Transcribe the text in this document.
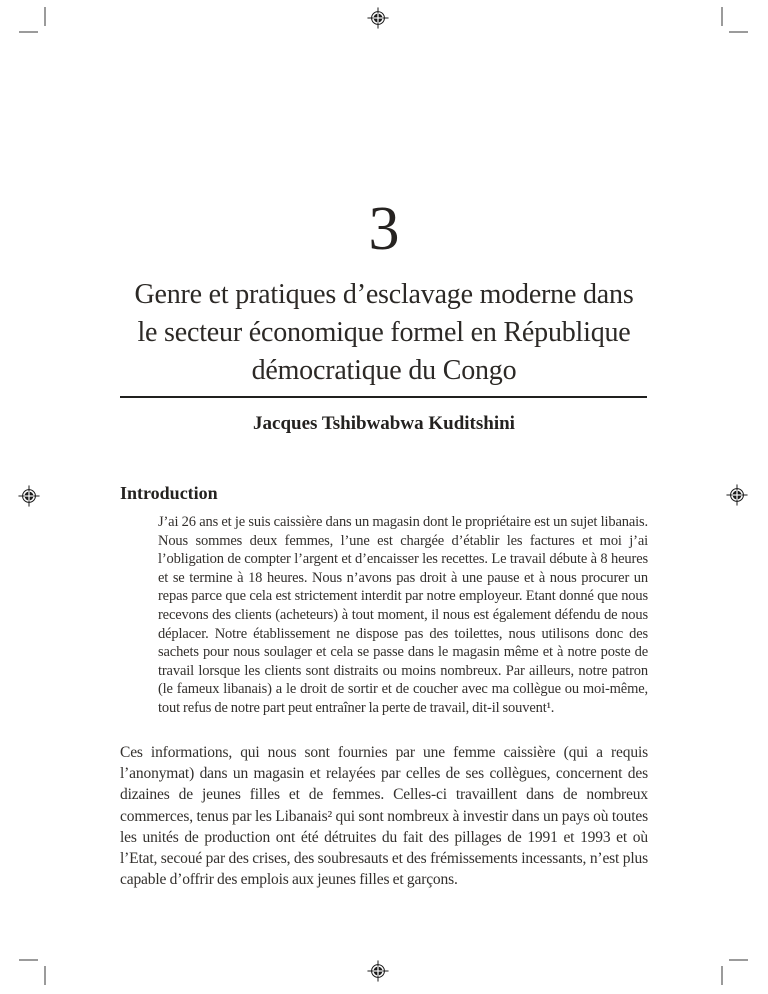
3
Genre et pratiques d’esclavage moderne dans
le secteur économique formel en République
démocratique du Congo
Jacques Tshibwabwa Kuditshini
Introduction
J’ai 26 ans et je suis caissière dans un magasin dont le propriétaire est un sujet libanais. Nous sommes deux femmes, l’une est chargée d’établir les factures et moi j’ai l’obligation de compter l’argent et d’encaisser les recettes. Le travail débute à 8 heures et se termine à 18 heures. Nous n’avons pas droit à une pause et à nous procurer un repas parce que cela est strictement interdit par notre employeur. Etant donné que nous recevons des clients (acheteurs) à tout moment, il nous est également défendu de nous déplacer. Notre établissement ne dispose pas des toilettes, nous utilisons donc des sachets pour nous soulager et cela se passe dans le magasin même et à notre poste de travail lorsque les clients sont distraits ou moins nombreux. Par ailleurs, notre patron (le fameux libanais) a le droit de sortir et de coucher avec ma collègue ou moi-même, tout refus de notre part peut entraîner la perte de travail, dit-il souvent¹.

Ces informations, qui nous sont fournies par une femme caissière (qui a requis l’anonymat) dans un magasin et relayées par celles de ses collègues, concernent des dizaines de jeunes filles et de femmes. Celles-ci travaillent dans de nombreux commerces, tenus par les Libanais² qui sont nombreux à investir dans un pays où toutes les unités de production ont été détruites du fait des pillages de 1991 et 1993 et où l’Etat, secoué par des crises, des soubresauts et des frémissements incessants, n’est plus capable d’offrir des emplois aux jeunes filles et garçons.
